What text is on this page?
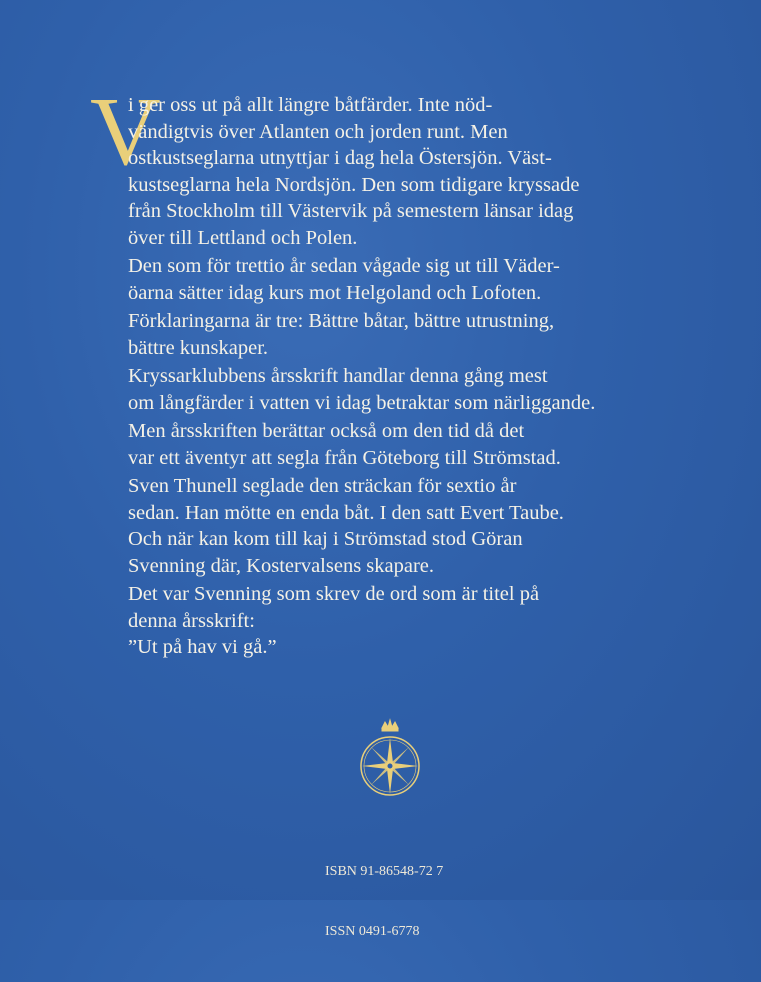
V
i ger oss ut på allt längre båtfärder. Inte nöd-
vändigtvis över Atlanten och jorden runt. Men
ostkustseglarna utnyttjar i dag hela Östersjön. Väst-
kustseglarna hela Nordsjön. Den som tidigare kryssade
från Stockholm till Västervik på semestern länsar idag
över till Lettland och Polen.
Den som för trettio år sedan vågade sig ut till Väder-
öarna sätter idag kurs mot Helgoland och Lofoten.
Förklaringarna är tre: Bättre båtar, bättre utrustning,
bättre kunskaper.
Kryssarklubbens årsskrift handlar denna gång mest
om långfärder i vatten vi idag betraktar som närliggande.
Men årsskriften berättar också om den tid då det
var ett äventyr att segla från Göteborg till Strömstad.
Sven Thunell seglade den sträckan för sextio år
sedan. Han mötte en enda båt. I den satt Evert Taube.
Och när kan kom till kaj i Strömstad stod Göran
Svenning där, Kostervalsens skapare.
Det var Svenning som skrev de ord som är titel på
denna årsskrift:
”Ut på hav vi gå.”

ISBN 91-86548-72 7

ISSN 0491-6778
